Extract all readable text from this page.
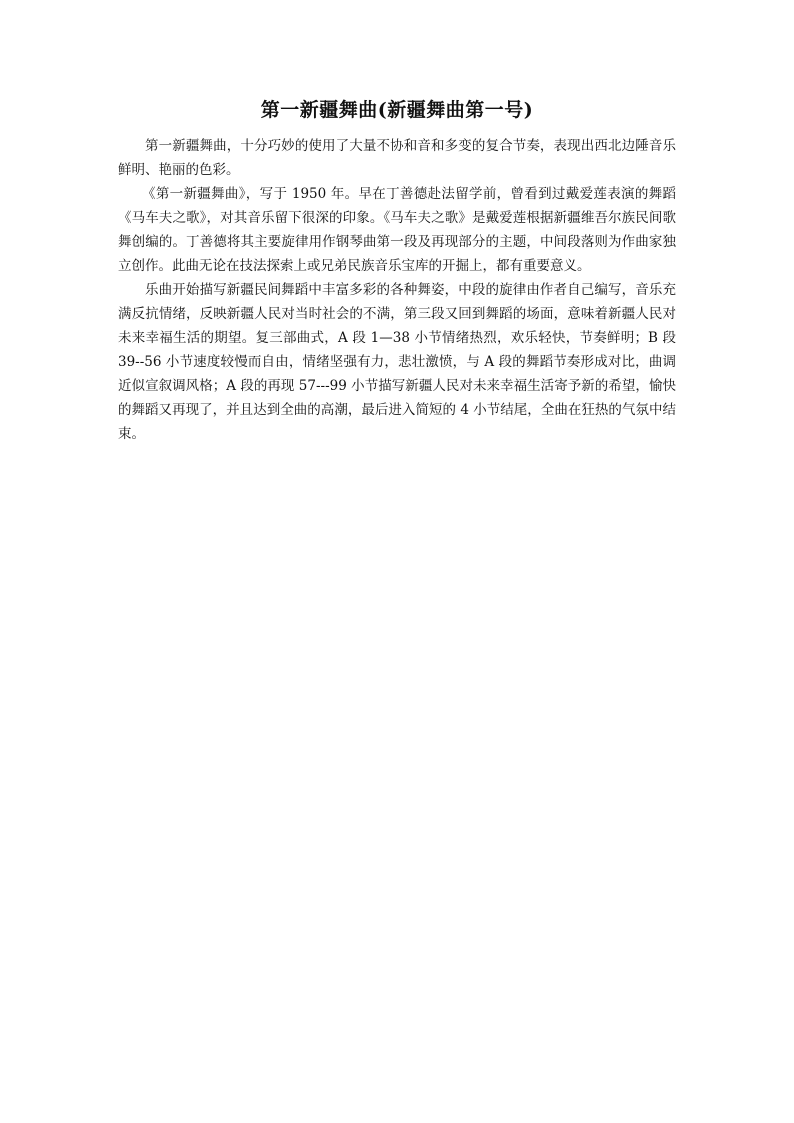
第一新疆舞曲(新疆舞曲第一号)

第一新疆舞曲，十分巧妙的使用了大量不协和音和多变的复合节奏，表现出西北边陲音乐鲜明、艳丽的色彩。

《第一新疆舞曲》，写于 1950 年。早在丁善德赴法留学前，曾看到过戴爱莲表演的舞蹈《马车夫之歌》，对其音乐留下很深的印象。《马车夫之歌》是戴爱莲根据新疆维吾尔族民间歌舞创编的。丁善德将其主要旋律用作钢琴曲第一段及再现部分的主题，中间段落则为作曲家独立创作。此曲无论在技法探索上或兄弟民族音乐宝库的开掘上，都有重要意义。

乐曲开始描写新疆民间舞蹈中丰富多彩的各种舞姿，中段的旋律由作者自己编写，音乐充满反抗情绪，反映新疆人民对当时社会的不满，第三段又回到舞蹈的场面，意味着新疆人民对未来幸福生活的期望。复三部曲式，A 段 1—38 小节情绪热烈，欢乐轻快，节奏鲜明；B 段 39--56 小节速度较慢而自由，情绪坚强有力，悲壮激愤，与 A 段的舞蹈节奏形成对比，曲调近似宣叙调风格；A 段的再现 57---99 小节描写新疆人民对未来幸福生活寄予新的希望，愉快的舞蹈又再现了，并且达到全曲的高潮，最后进入简短的 4 小节结尾，全曲在狂热的气氛中结束。
